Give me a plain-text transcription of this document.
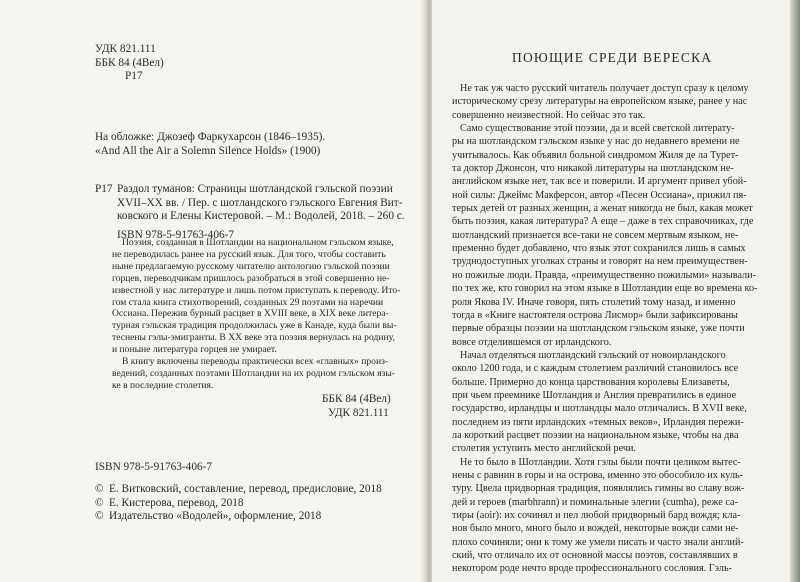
УДК 821.111
ББК 84 (4Вел)
Р17
На обложке: Джозеф Фаркухарсон (1846–1935).
«And All the Air a Solemn Silence Holds» (1900)
Р17 Раздол туманов: Страницы шотландской гэльской поэзии
XVII–XX вв. / Пер. с шотландского гэльского Евгения Вит-
ковского и Елены Кистеровой. – М.: Водолей, 2018. – 260 с.
ISBN 978-5-91763-406-7
Поэзия, созданная в Шотландии на национальном гэльском языке,
не переводилась ранее на русский язык. Для того, чтобы составить
ныне предлагаемую русскому читателю антологию гэльской поэзии
горцев, переводчикам пришлось разобраться в этой совершенно не-
известной у нас литературе и лишь потом приступать к переводу. Ито-
гом стала книга стихотворений, созданных 29 поэтами на наречии
Оссиана. Пережив бурный расцвет в XVIII веке, в XIX веке литера-
турная гэльская традиция продолжилась уже в Канаде, куда были вы-
теснены гэлы-эмигранты. В XX веке эта поэзия вернулась на родину,
и поныне литература горцев не умирает.
В книгу включены переводы практически всех «главных» произ-
ведений, созданных поэтами Шотландии на их родном гэльском язы-
ке в последние столетия.
ББК 84 (4Вел)
УДК 821.111
ISBN 978-5-91763-406-7
© Е. Витковский, составление, перевод, предисловие, 2018
© Е. Кистерова, перевод, 2018
© Издательство «Водолей», оформление, 2018
ПОЮЩИЕ СРЕДИ ВЕРЕСКА
Не так уж часто русский читатель получает доступ сразу к целому
историческому срезу литературы на европейском языке, ранее у нас
совершенно неизвестной. Но сейчас это так.
Само существование этой поэзии, да и всей светской литерату-
ры на шотландском гэльском языке у нас до недавнего времени не
учитывалось. Как объявил больной синдромом Жиля де ла Турет-
та доктор Джонсон, что никакой литературы на шотландском не-
английском языке нет, так все и поверили. И аргумент привел убой-
ной силы: Джеймс Макферсон, автор «Песен Оссиана», прижил пя-
терых детей от разных женщин, а женат никогда не был, какая может
быть поэзия, какая литература? А еще – даже в тех справочниках, где
шотландский признается все-таки не совсем мертвым языком, не-
пременно будет добавлено, что язык этот сохранился лишь в самых
труднодоступных уголках страны и говорят на нем преимуществен-
но пожилые люди. Правда, «преимущественно пожилыми» называли-
по тех же, кто говорил на этом языке в Шотландии еще во времена ко-
роля Якова IV. Иначе говоря, пять столетий тому назад, и именно
тогда в «Книге настоятеля острова Лисмор» были зафиксированы
первые образцы поэзии на шотландском гэльском языке, уже почти
вовсе отделившемся от ирландского.
Начал отделяться шотландский гэльский от новоирландского
около 1200 года, и с каждым столетием различий становилось все
больше. Примерно до конца царствования королевы Елизаветы,
при чьем преемнике Шотландия и Англия превратились в единое
государство, ирландцы и шотландцы мало отличались. В XVII веке,
последнем из пяти ирландских «темных веков», Ирландия пережи-
ла короткий расцвет поэзии на национальном языке, чтобы на два
столетия уступить место английской речи.
Не то было в Шотландии. Хотя гэлы были почти целиком вытес-
нены с равнин в горы и на острова, именно это обособило их куль-
туру. Цвела придворная традиция, появлялись гимны во славу вож-
дей и героев (marbhrann) и поминальные элегии (cumha), реже са-
тиры (aoir): их сочинял и пел любой придворный бард вождя; кла-
нов было много, много было и вождей, некоторые вожди сами не-
плохо сочиняли; они к тому же умели писать и часто знали англий-
ский, что отличало их от основной массы поэтов, составлявших в
некотором роде нечто вроде профессионального сословия. Гэль-
